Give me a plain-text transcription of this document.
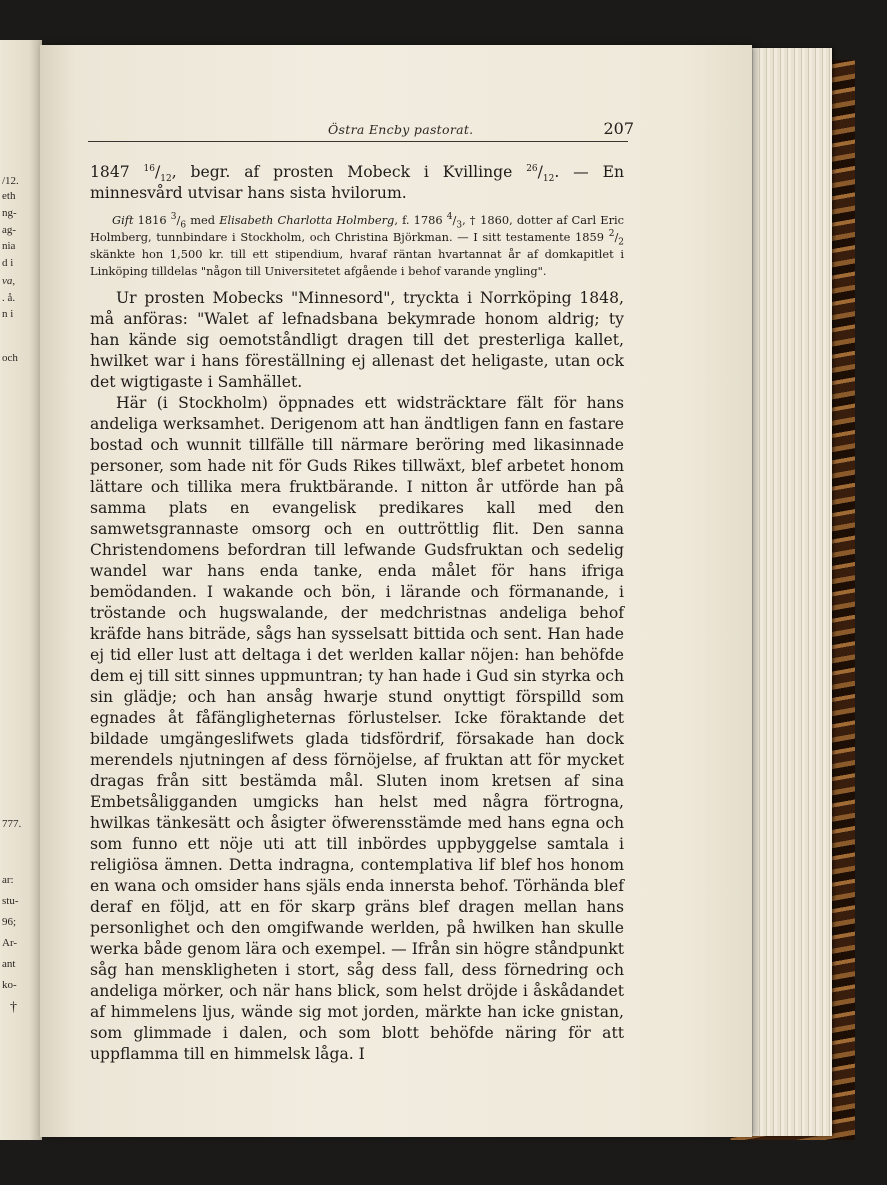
/12.
eth
ng-
ag-
nia
d i
va,
. å.
n i
och
777.
ar:
stu-
96;
Ar-
ant
ko-
†
Östra Encby pastorat.	207

1847 $^{16}/_{12}$, begr. af prosten Mobeck i Kvillinge $^{26}/_{12}$. — En minnesvård utvisar hans sista hvilorum.

Gift 1816 $^3/_6$ med Elisabeth Charlotta Holmberg, f. 1786 $^4/_3$, † 1860, dotter af Carl Eric Holmberg, tunnbindare i Stockholm, och Christina Björkman. — I sitt testamente 1859 $^2/_2$ skänkte hon 1,500 kr. till ett stipendium, hvaraf räntan hvartannat år af domkapitlet i Linköping tilldelas "någon till Universitetet afgående i behof varande yngling".

Ur prosten Mobecks "Minnesord", tryckta i Norrköping 1848, må anföras: "Walet af lefnadsbana bekymrade honom aldrig; ty han kände sig oemotståndligt dragen till det presterliga kallet, hwilket war i hans föreställning ej allenast det heligaste, utan ock det wigtigaste i Samhället.

Här (i Stockholm) öppnades ett widsträcktare fält för hans andeliga werksamhet. Derigenom att han ändtligen fann en fastare bostad och wunnit tillfälle till närmare beröring med likasinnade personer, som hade nit för Guds Rikes tillwäxt, blef arbetet honom lättare och tillika mera fruktbärande. I nitton år utförde han på samma plats en evangelisk predikares kall med den samwetsgrannaste omsorg och en outtröttlig flit. Den sanna Christendomens befordran till lefwande Gudsfruktan och sedelig wandel war hans enda tanke, enda målet för hans ifriga bemödanden. I wakande och bön, i lärande och förmanande, i tröstande och hugswalande, der medchristnas andeliga behof kräfde hans biträde, sågs han sysselsatt bittida och sent. Han hade ej tid eller lust att deltaga i det werlden kallar nöjen: han behöfde dem ej till sitt sinnes uppmuntran; ty han hade i Gud sin styrka och sin glädje; och han ansåg hwarje stund onyttigt förspilld som egnades åt fåfängligheternas förlustelser. Icke föraktande det bildade umgängeslifwets glada tidsfördrif, försakade han dock merendels njutningen af dess förnöjelse, af fruktan att för mycket dragas från sitt bestämda mål. Sluten inom kretsen af sina Embetsåligganden umgicks han helst med några förtrogna, hwilkas tänkesätt och åsigter öfwerensstämde med hans egna och som funno ett nöje uti att till inbördes uppbyggelse samtala i religiösa ämnen. Detta indragna, contemplativa lif blef hos honom en wana och omsider hans själs enda innersta behof. Törhända blef deraf en följd, att en för skarp gräns blef dragen mellan hans personlighet och den omgifwande werlden, på hwilken han skulle werka både genom lära och exempel. — Ifrån sin högre ståndpunkt såg han menskligheten i stort, såg dess fall, dess förnedring och andeliga mörker, och när hans blick, som helst dröjde i åskådandet af himmelens ljus, wände sig mot jorden, märkte han icke gnistan, som glimmade i dalen, och som blott behöfde näring för att uppflamma till en himmelsk låga. I
